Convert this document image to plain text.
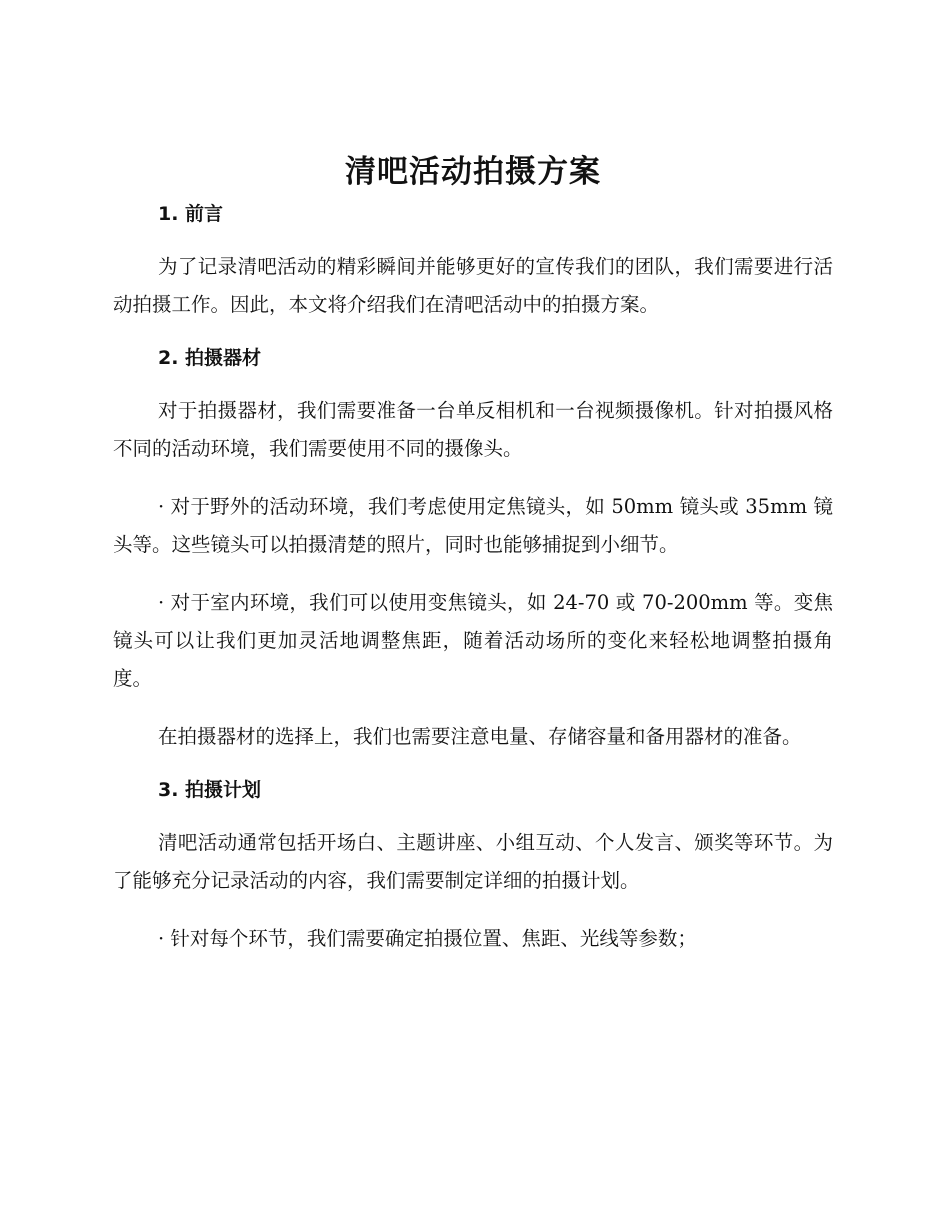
清吧活动拍摄方案
1. 前言

为了记录清吧活动的精彩瞬间并能够更好的宣传我们的团队，我们需要进行活动拍摄工作。因此，本文将介绍我们在清吧活动中的拍摄方案。

2. 拍摄器材

对于拍摄器材，我们需要准备一台单反相机和一台视频摄像机。针对拍摄风格不同的活动环境，我们需要使用不同的摄像头。

· 对于野外的活动环境，我们考虑使用定焦镜头，如 50mm 镜头或 35mm 镜头等。这些镜头可以拍摄清楚的照片，同时也能够捕捉到小细节。

· 对于室内环境，我们可以使用变焦镜头，如 24-70 或 70-200mm 等。变焦镜头可以让我们更加灵活地调整焦距，随着活动场所的变化来轻松地调整拍摄角度。

在拍摄器材的选择上，我们也需要注意电量、存储容量和备用器材的准备。

3. 拍摄计划

清吧活动通常包括开场白、主题讲座、小组互动、个人发言、颁奖等环节。为了能够充分记录活动的内容，我们需要制定详细的拍摄计划。

· 针对每个环节，我们需要确定拍摄位置、焦距、光线等参数；
